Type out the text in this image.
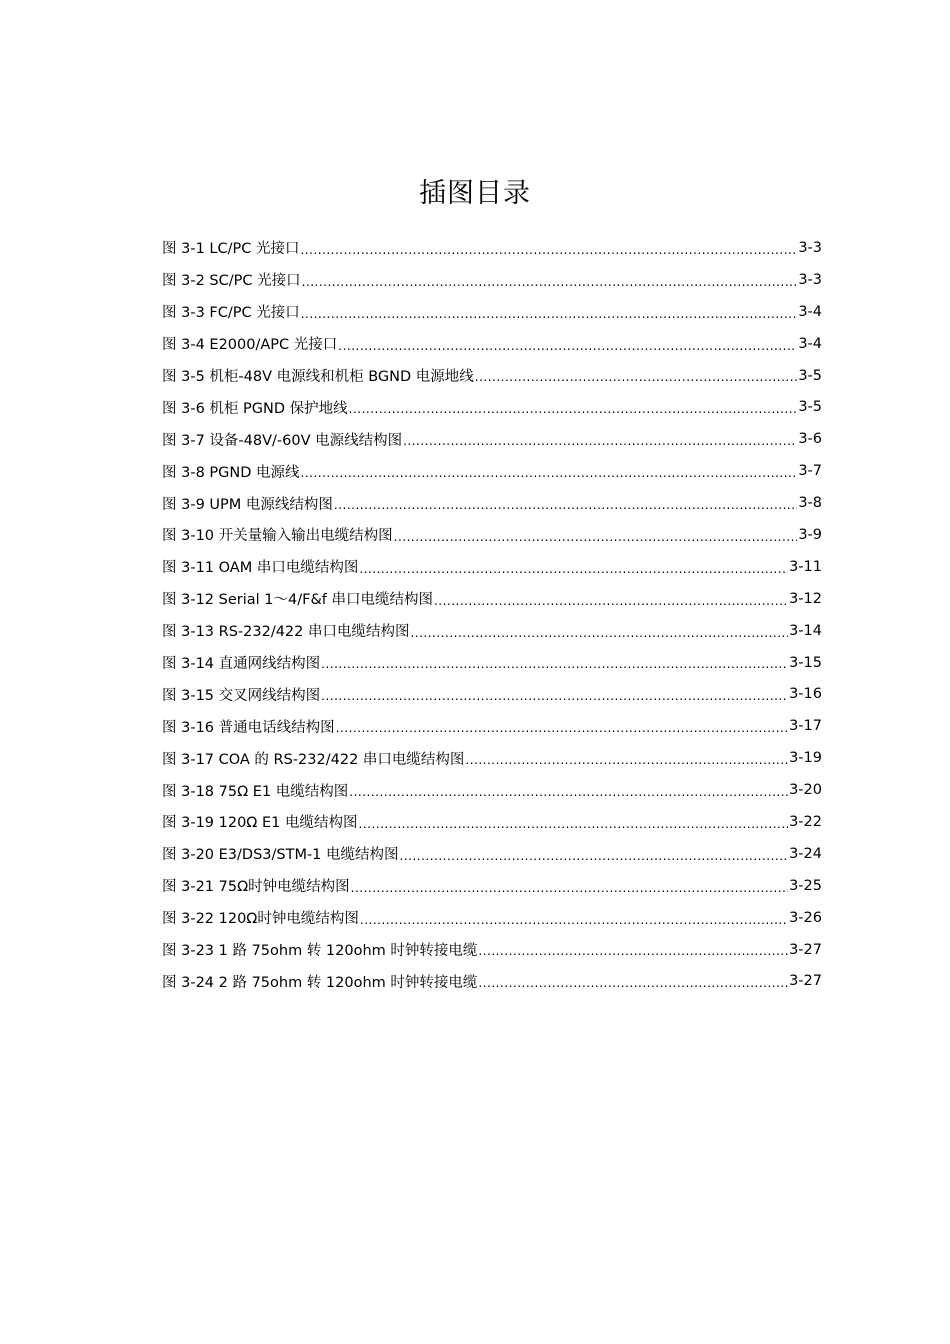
插图目录
图 3-1 LC/PC 光接口 .....	3-3
图 3-2 SC/PC 光接口 .....	3-3
图 3-3 FC/PC 光接口 .....	3-4
图 3-4 E2000/APC 光接口 .....	3-4
图 3-5 机柜-48V 电源线和机柜 BGND 电源地线 .....	3-5
图 3-6 机柜 PGND 保护地线 .....	3-5
图 3-7 设备-48V/-60V 电源线结构图 .....	3-6
图 3-8 PGND 电源线 .....	3-7
图 3-9 UPM 电源线结构图 .....	3-8
图 3-10 开关量输入输出电缆结构图 .....	3-9
图 3-11 OAM 串口电缆结构图 .....	3-11
图 3-12 Serial 1～4/F&f 串口电缆结构图 .....	3-12
图 3-13 RS-232/422 串口电缆结构图 .....	3-14
图 3-14 直通网线结构图 .....	3-15
图 3-15 交叉网线结构图 .....	3-16
图 3-16 普通电话线结构图 .....	3-17
图 3-17 COA 的 RS-232/422 串口电缆结构图 .....	3-19
图 3-18 75Ω E1 电缆结构图 .....	3-20
图 3-19 120Ω E1 电缆结构图 .....	3-22
图 3-20 E3/DS3/STM-1 电缆结构图 .....	3-24
图 3-21 75Ω时钟电缆结构图 .....	3-25
图 3-22 120Ω时钟电缆结构图 .....	3-26
图 3-23 1 路 75ohm 转 120ohm 时钟转接电缆 .....	3-27
图 3-24 2 路 75ohm 转 120ohm 时钟转接电缆 .....	3-27
